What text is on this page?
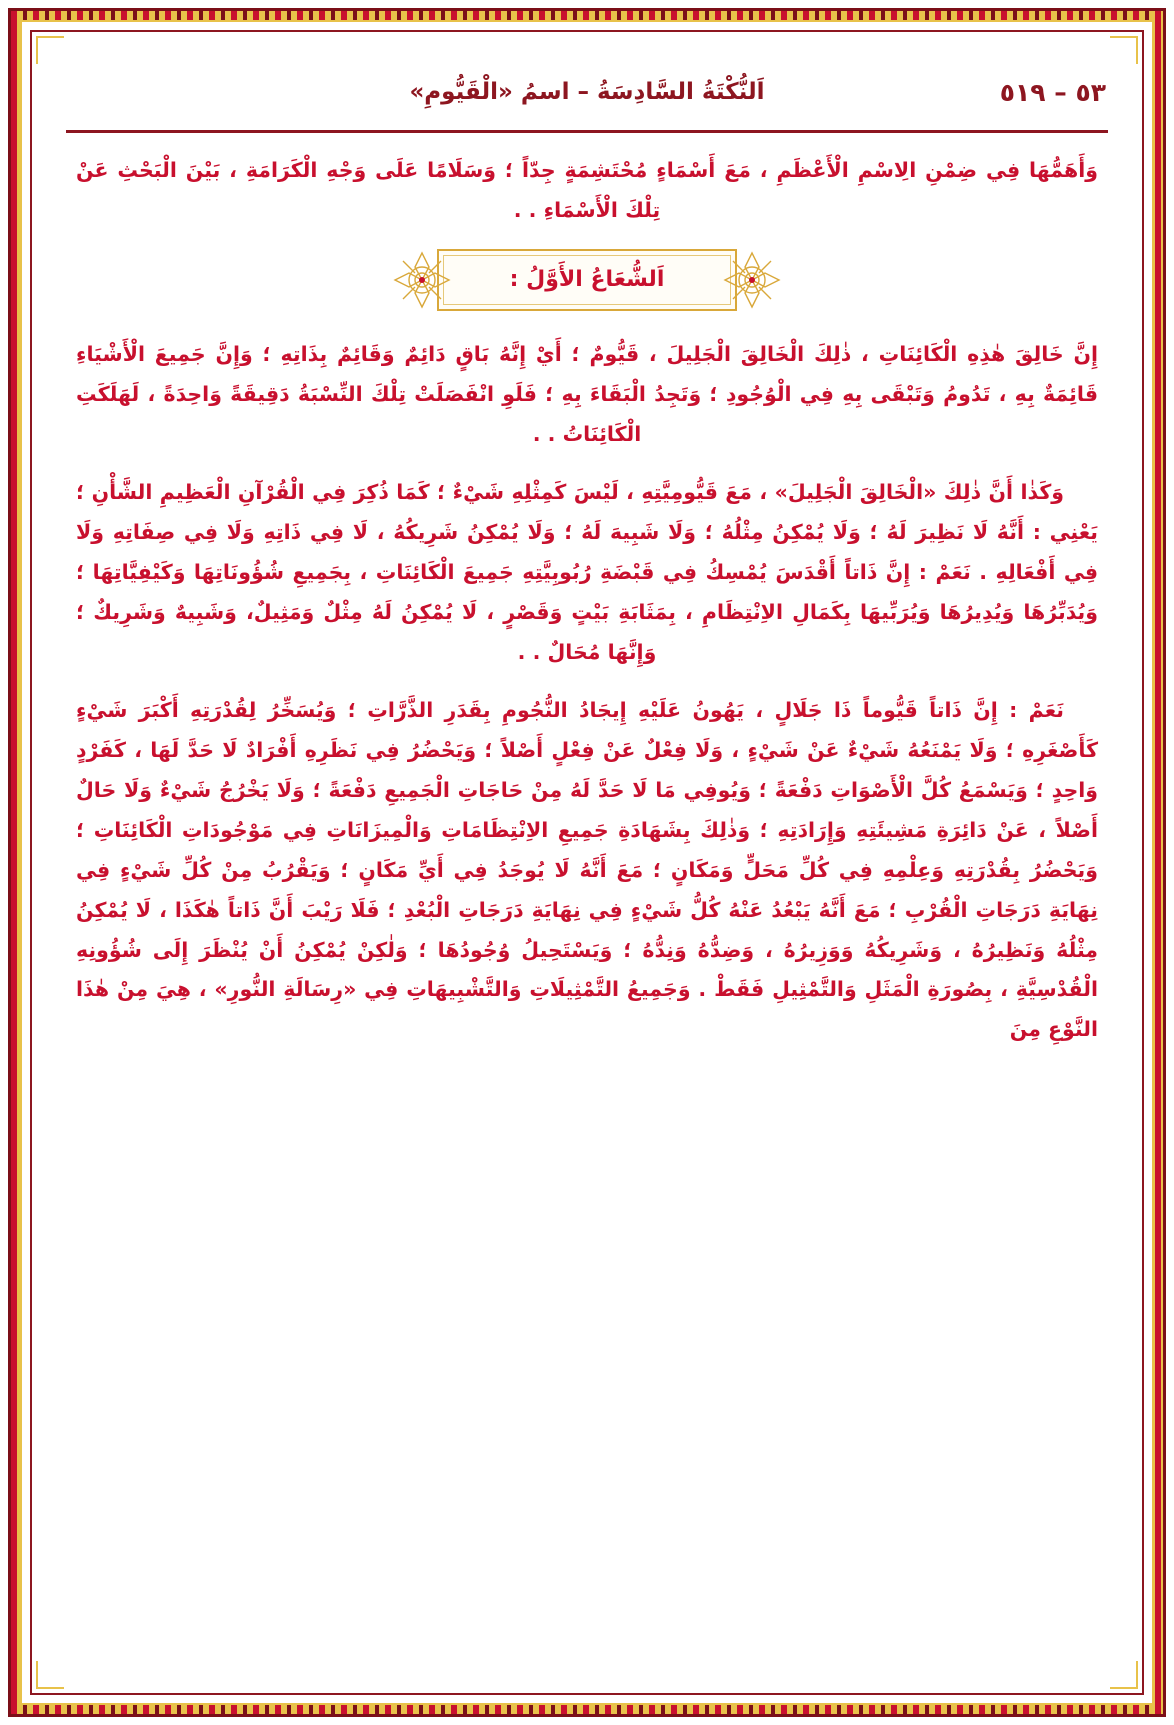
٥٣ – ٥١٩
اَلنُّكْتَةُ السَّادِسَةُ – اسمُ «الْقَيُّومِ»

وَأَهَمُّهَا فِي ضِمْنِ الِاسْمِ الْأَعْظَمِ ، مَعَ أَسْمَاءٍ مُحْتَشِمَةٍ جِدّاً ؛ وَسَلَامًا عَلَى وَجْهِ الْكَرَامَةِ ، بَيْنَ الْبَحْثِ عَنْ تِلْكَ الْأَسْمَاءِ . .

اَلشُّعَاعُ الأَوَّلُ :

إِنَّ خَالِقَ هٰذِهِ الْكَائِنَاتِ ، ذٰلِكَ الْخَالِقَ الْجَلِيلَ ، قَيُّومٌ ؛ أَيْ إِنَّهُ بَاقٍ دَائِمٌ وَقَائِمٌ بِذَاتِهِ ؛ وَإِنَّ جَمِيعَ الْأَشْيَاءِ قَائِمَةٌ بِهِ ، تَدُومُ وَتَبْقَى بِهِ فِي الْوُجُودِ ؛ وَتَجِدُ الْبَقَاءَ بِهِ ؛ فَلَوِ انْفَصَلَتْ تِلْكَ النِّسْبَةُ دَقِيقَةً وَاحِدَةً ، لَهَلَكَتِ الْكَائِنَاتُ . .

وَكَذٰا أَنَّ ذٰلِكَ «الْخَالِقَ الْجَلِيلَ» ، مَعَ قَيُّومِيَّتِهِ ، لَيْسَ كَمِثْلِهِ شَيْءٌ ؛ كَمَا ذُكِرَ فِي الْقُرْآنِ الْعَظِيمِ الشَّأْنِ ؛ يَعْنِي : أَنَّهُ لَا نَظِيرَ لَهُ ؛ وَلَا يُمْكِنُ مِثْلُهُ ؛ وَلَا شَبِيهَ لَهُ ؛ وَلَا يُمْكِنُ شَرِيكُهُ ، لَا فِي ذَاتِهِ وَلَا فِي صِفَاتِهِ وَلَا فِي أَفْعَالِهِ . نَعَمْ : إِنَّ ذَاتاً أَقْدَسَ يُمْسِكُ فِي قَبْضَةِ رُبُوبِيَّتِهِ جَمِيعَ الْكَائِنَاتِ ، بِجَمِيعِ شُؤُونَاتِهَا وَكَيْفِيَّاتِهَا ؛ وَيُدَبِّرُهَا وَيُدِيرُهَا وَيُرَبِّيهَا بِكَمَالِ الاِنْتِظَامِ ، بِمَثَابَةِ بَيْتٍ وَقَصْرٍ ، لَا يُمْكِنُ لَهُ مِثْلٌ وَمَثِيلٌ، وَشَبِيهٌ وَشَرِيكٌ ؛ وَإِنَّهَا مُحَالٌ . .

نَعَمْ : إِنَّ ذَاتاً قَيُّوماً ذَا جَلَالٍ ، يَهُونُ عَلَيْهِ إِيجَادُ النُّجُومِ بِقَدَرِ الذَّرَّاتِ ؛ وَيُسَخِّرُ لِقُدْرَتِهِ أَكْبَرَ شَيْءٍ كَأَصْغَرِهِ ؛ وَلَا يَمْنَعُهُ شَيْءٌ عَنْ شَيْءٍ ، وَلَا فِعْلٌ عَنْ فِعْلٍ أَصْلاً ؛ وَيَحْضُرُ فِي نَظَرِهِ أَفْرَادٌ لَا حَدَّ لَهَا ، كَفَرْدٍ وَاحِدٍ ؛ وَيَسْمَعُ كُلَّ الْأَصْوَاتِ دَفْعَةً ؛ وَيُوفِي مَا لَا حَدَّ لَهُ مِنْ حَاجَاتِ الْجَمِيعِ دَفْعَةً ؛ وَلَا يَخْرُجُ شَيْءٌ وَلَا حَالٌ أَصْلاً ، عَنْ دَائِرَةِ مَشِيئَتِهِ وَإِرَادَتِهِ ؛ وَذٰلِكَ بِشَهَادَةِ جَمِيعِ الاِنْتِظَامَاتِ وَالْمِيزَانَاتِ فِي مَوْجُودَاتِ الْكَائِنَاتِ ؛ وَيَحْضُرُ بِقُدْرَتِهِ وَعِلْمِهِ فِي كُلِّ مَحَلٍّ وَمَكَانٍ ؛ مَعَ أَنَّهُ لَا يُوجَدُ فِي أَيِّ مَكَانٍ ؛ وَيَقْرُبُ مِنْ كُلِّ شَيْءٍ فِي نِهَايَةِ دَرَجَاتِ الْقُرْبِ ؛ مَعَ أَنَّهُ يَبْعُدُ عَنْهُ كُلُّ شَيْءٍ فِي نِهَايَةِ دَرَجَاتِ الْبُعْدِ ؛ فَلَا رَيْبَ أَنَّ ذَاتاً هٰكَذَا ، لَا يُمْكِنُ مِثْلُهُ وَنَظِيرُهُ ، وَشَرِيكُهُ وَوَزِيرُهُ ، وَضِدُّهُ وَنِدُّهُ ؛ وَيَسْتَحِيلُ وُجُودُهَا ؛ وَلٰكِنْ يُمْكِنُ أَنْ يُنْظَرَ إِلَى شُؤُونِهِ الْقُدْسِيَّةِ ، بِصُورَةِ الْمَثَلِ وَالتَّمْثِيلِ فَقَطْ . وَجَمِيعُ التَّمْثِيلَاتِ وَالتَّشْبِيهَاتِ فِي «رِسَالَةِ النُّورِ» ، هِيَ مِنْ هٰذَا النَّوْعِ مِنَ
